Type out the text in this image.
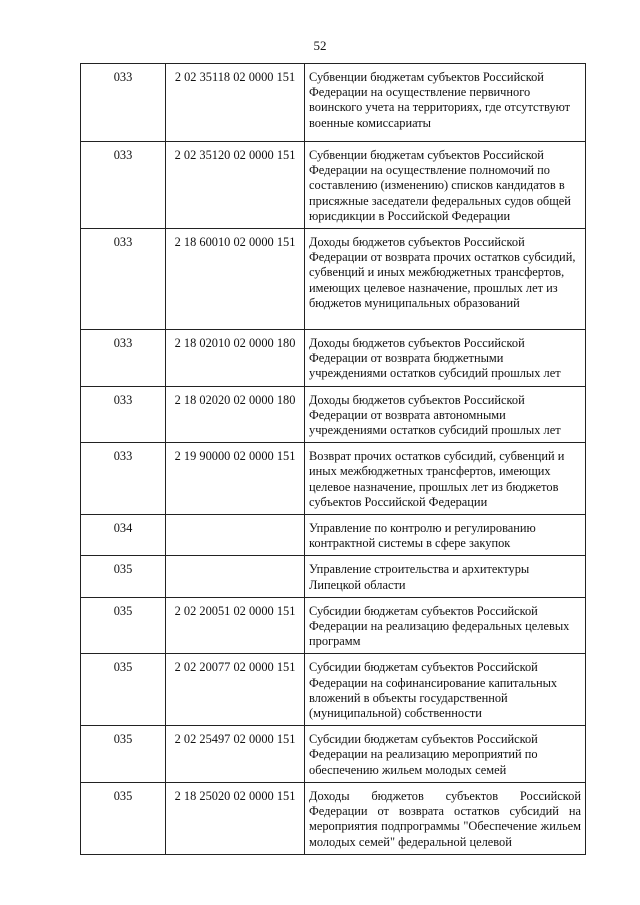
52
033	2 02 35118 02 0000 151	Субвенции бюджетам субъектов Российской Федерации на осуществление первичного воинского учета на территориях, где отсутствуют военные комиссариаты
033	2 02 35120 02 0000 151	Субвенции бюджетам субъектов Российской Федерации на осуществление полномочий по составлению (изменению) списков кандидатов в присяжные заседатели федеральных судов общей юрисдикции в Российской Федерации
033	2 18 60010 02 0000 151	Доходы бюджетов субъектов Российской Федерации от возврата прочих остатков субсидий, субвенций и иных межбюджетных трансфертов, имеющих целевое назначение, прошлых лет из бюджетов муниципальных образований
033	2 18 02010 02 0000 180	Доходы бюджетов субъектов Российской Федерации от возврата бюджетными учреждениями остатков субсидий прошлых лет
033	2 18 02020 02 0000 180	Доходы бюджетов субъектов Российской Федерации от возврата автономными учреждениями остатков субсидий прошлых лет
033	2 19 90000 02 0000 151	Возврат прочих остатков субсидий, субвенций и иных межбюджетных трансфертов, имеющих целевое назначение, прошлых лет из бюджетов субъектов Российской Федерации
034		Управление по контролю и регулированию контрактной системы в сфере закупок
035		Управление строительства и архитектуры Липецкой области
035	2 02 20051 02 0000 151	Субсидии бюджетам субъектов Российской Федерации на реализацию федеральных целевых программ
035	2 02 20077 02 0000 151	Субсидии бюджетам субъектов Российской Федерации на софинансирование капитальных вложений в объекты государственной (муниципальной) собственности
035	2 02 25497 02 0000 151	Субсидии бюджетам субъектов Российской Федерации на реализацию мероприятий по обеспечению жильем молодых семей
035	2 18 25020 02 0000 151	Доходы бюджетов субъектов Российской Федерации от возврата остатков субсидий на мероприятия подпрограммы "Обеспечение жильем молодых семей" федеральной целевой
